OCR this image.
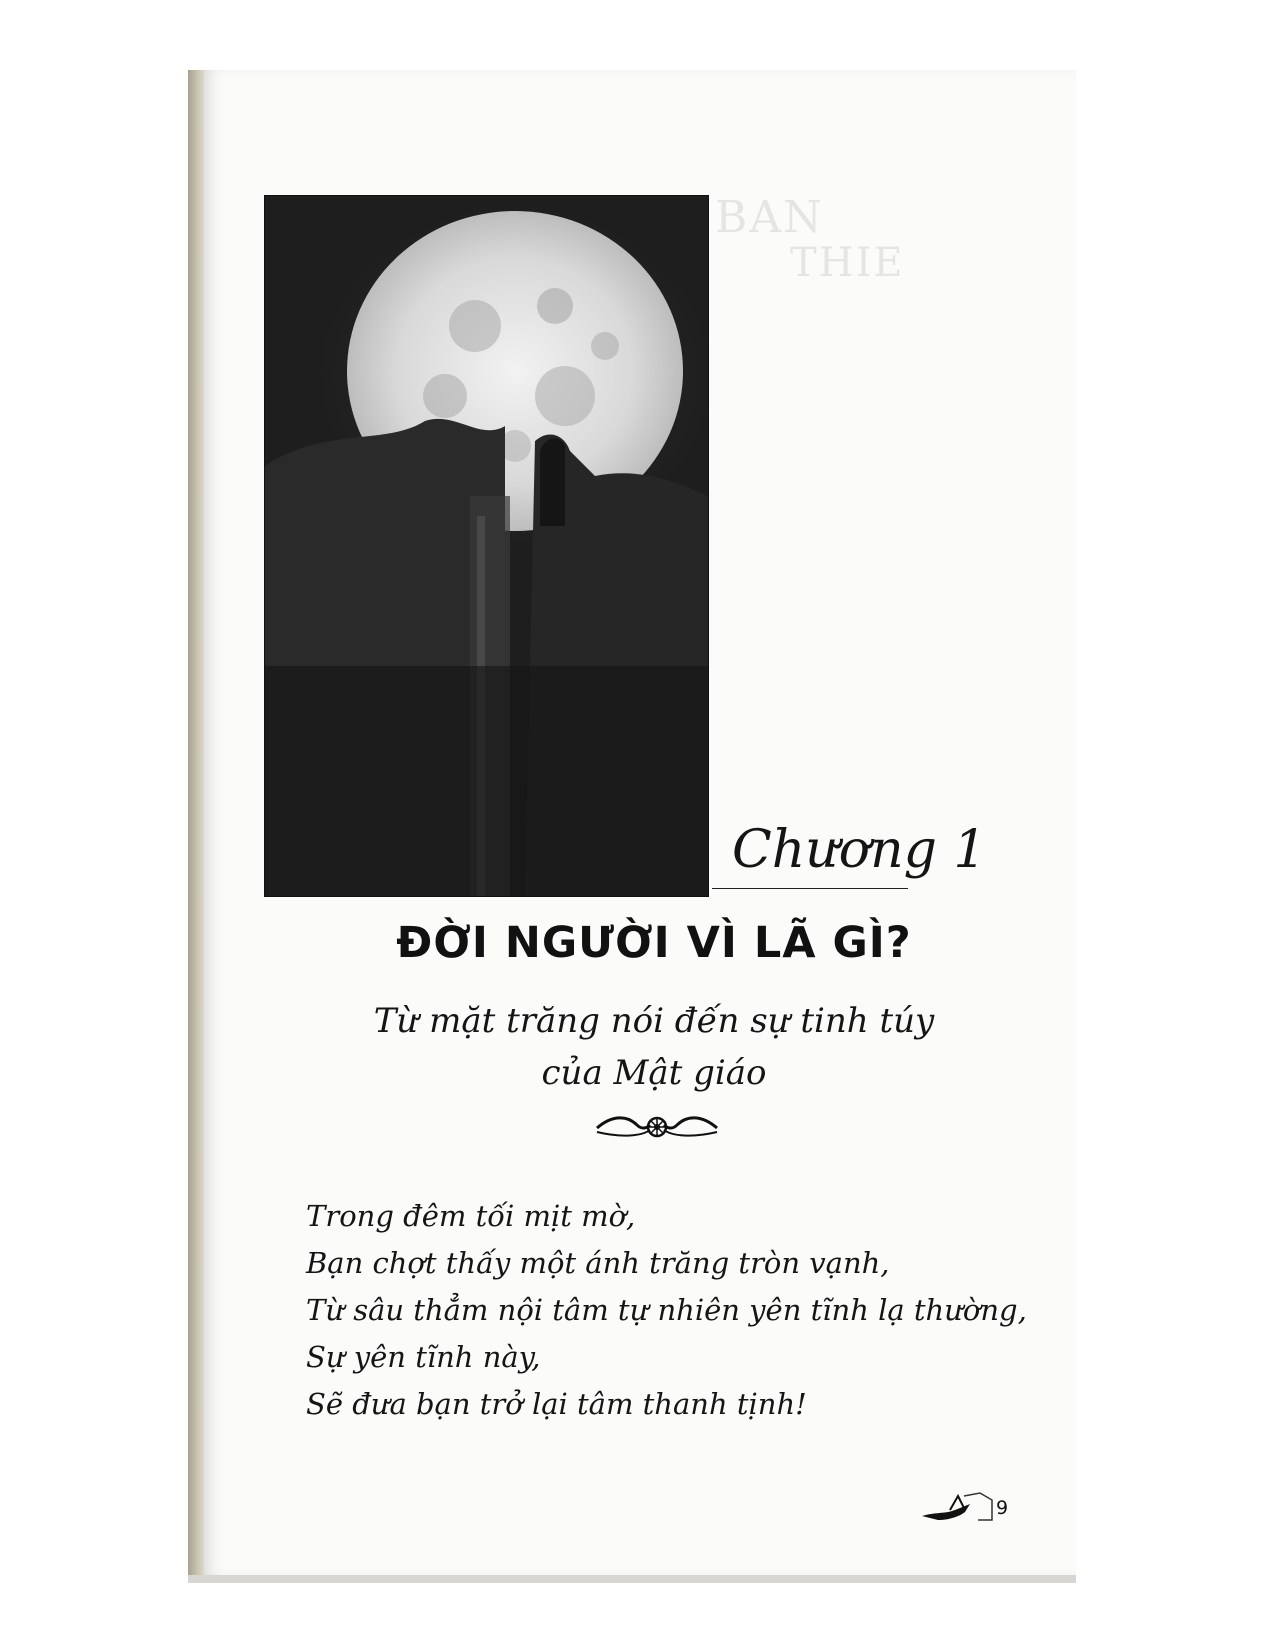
BAN
THIE
Chương 1
ĐỜI NGƯỜI VÌ LÃ GÌ?
Từ mặt trăng nói đến sự tinh túy
của Mật giáo
Trong đêm tối mịt mờ,
Bạn chợt thấy một ánh trăng tròn vạnh,
Từ sâu thẳm nội tâm tự nhiên yên tĩnh lạ thường,
Sự yên tĩnh này,
Sẽ đưa bạn trở lại tâm thanh tịnh!
9
